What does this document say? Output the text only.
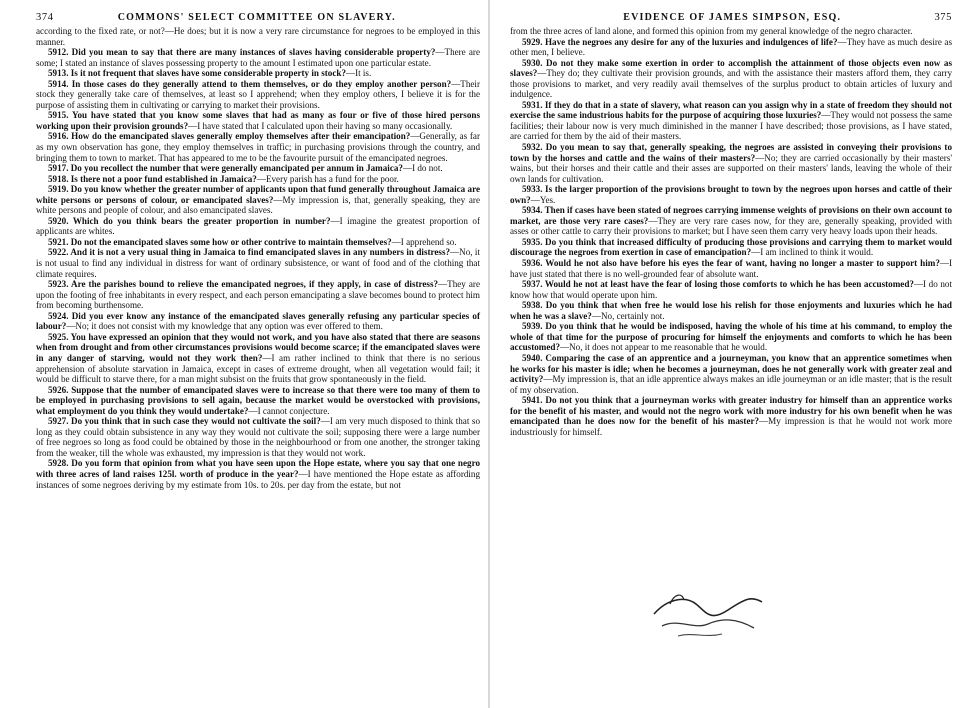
374	COMMONS' SELECT COMMITTEE ON SLAVERY.

according to the fixed rate, or not?—He does; but it is now a very rare circumstance for negroes to be employed in this manner.

5912. Did you mean to say that there are many instances of slaves having considerable property?—There are some; I stated an instance of slaves possessing property to the amount I estimated upon one particular estate.

5913. Is it not frequent that slaves have some considerable property in stock?—It is.

5914. In those cases do they generally attend to them themselves, or do they employ another person?—Their stock they generally take care of themselves, at least so I apprehend; when they employ others, I believe it is for the purpose of assisting them in cultivating or carrying to market their provisions.

5915. You have stated that you know some slaves that had as many as four or five of those hired persons working upon their provision grounds?—I have stated that I calculated upon their having so many occasionally.

5916. How do the emancipated slaves generally employ themselves after their emancipation?—Generally, as far as my own observation has gone, they employ themselves in traffic; in purchasing provisions through the country, and bringing them to town to market. That has appeared to me to be the favourite pursuit of the emancipated negroes.

5917. Do you recollect the number that were generally emancipated per annum in Jamaica?—I do not.

5918. Is there not a poor fund established in Jamaica?—Every parish has a fund for the poor.

5919. Do you know whether the greater number of applicants upon that fund generally throughout Jamaica are white persons or persons of colour, or emancipated slaves?—My impression is, that, generally speaking, they are white persons and people of colour, and also emancipated slaves.

5920. Which do you think bears the greater proportion in number?—I imagine the greatest proportion of applicants are whites.

5921. Do not the emancipated slaves some how or other contrive to maintain themselves?—I apprehend so.

5922. And it is not a very usual thing in Jamaica to find emancipated slaves in any numbers in distress?—No, it is not usual to find any individual in distress for want of ordinary subsistence, or want of food and of the clothing that climate requires.

5923. Are the parishes bound to relieve the emancipated negroes, if they apply, in case of distress?—They are upon the footing of free inhabitants in every respect, and each person emancipating a slave becomes bound to protect him from becoming burthensome.

5924. Did you ever know any instance of the emancipated slaves generally refusing any particular species of labour?—No; it does not consist with my knowledge that any option was ever offered to them.

5925. You have expressed an opinion that they would not work, and you have also stated that there are seasons when from drought and from other circumstances provisions would become scarce; if the emancipated slaves were in any danger of starving, would not they work then?—I am rather inclined to think that there is no serious apprehension of absolute starvation in Jamaica, except in cases of extreme drought, when all vegetation would fail; it would be difficult to starve there, for a man might subsist on the fruits that grow spontaneously in the field.

5926. Suppose that the number of emancipated slaves were to increase so that there were too many of them to be employed in purchasing provisions to sell again, because the market would be overstocked with provisions, what employment do you think they would undertake?—I cannot conjecture.

5927. Do you think that in such case they would not cultivate the soil?—I am very much disposed to think that so long as they could obtain subsistence in any way they would not cultivate the soil; supposing there were a large number of free negroes so long as food could be obtained by those in the neighbourhood or from one another, the stronger taking from the weaker, till the whole was exhausted, my impression is that they would not work.

5928. Do you form that opinion from what you have seen upon the Hope estate, where you say that one negro with three acres of land raises 125l. worth of produce in the year?—I have mentioned the Hope estate as affording instances of some negroes deriving by my estimate from 10s. to 20s. per day from the estate, but not

EVIDENCE OF JAMES SIMPSON, ESQ.	375

from the three acres of land alone, and formed this opinion from my general knowledge of the negro character.

5929. Have the negroes any desire for any of the luxuries and indulgences of life?—They have as much desire as other men, I believe.

5930. Do not they make some exertion in order to accomplish the attainment of those objects even now as slaves?—They do; they cultivate their provision grounds, and with the assistance their masters afford them, they carry those provisions to market, and very readily avail themselves of the surplus product to obtain articles of luxury and indulgence.

5931. If they do that in a state of slavery, what reason can you assign why in a state of freedom they should not exercise the same industrious habits for the purpose of acquiring those luxuries?—They would not possess the same facilities; their labour now is very much diminished in the manner I have described; those provisions, as I have stated, are carried for them by the aid of their masters.

5932. Do you mean to say that, generally speaking, the negroes are assisted in conveying their provisions to town by the horses and cattle and the wains of their masters?—No; they are carried occasionally by their masters' wains, but their horses and their cattle and their asses are supported on their masters' lands, leaving the whole of their own lands for cultivation.

5933. Is the larger proportion of the provisions brought to town by the negroes upon horses and cattle of their own?—Yes.

5934. Then if cases have been stated of negroes carrying immense weights of provisions on their own account to market, are those very rare cases?—They are very rare cases now, for they are, generally speaking, provided with asses or other cattle to carry their provisions to market; but I have seen them carry very heavy loads upon their heads.

5935. Do you think that increased difficulty of producing those provisions and carrying them to market would discourage the negroes from exertion in case of emancipation?—I am inclined to think it would.

5936. Would he not also have before his eyes the fear of want, having no longer a master to support him?—I have just stated that there is no well-grounded fear of absolute want.

5937. Would he not at least have the fear of losing those comforts to which he has been accustomed?—I do not know how that would operate upon him.

5938. Do you think that when free he would lose his relish for those enjoyments and luxuries which he had when he was a slave?—No, certainly not.

5939. Do you think that he would be indisposed, having the whole of his time at his command, to employ the whole of that time for the purpose of procuring for himself the enjoyments and comforts to which he has been accustomed?—No, it does not appear to me reasonable that he would.

5940. Comparing the case of an apprentice and a journeyman, you know that an apprentice sometimes when he works for his master is idle; when he becomes a journeyman, does he not generally work with greater zeal and activity?—My impression is, that an idle apprentice always makes an idle journeyman or an idle master; that is the result of my observation.

5941. Do not you think that a journeyman works with greater industry for himself than an apprentice works for the benefit of his master, and would not the negro work with more industry for his own benefit when he was emancipated than he does now for the benefit of his master?—My impression is that he would not work more industriously for himself.
